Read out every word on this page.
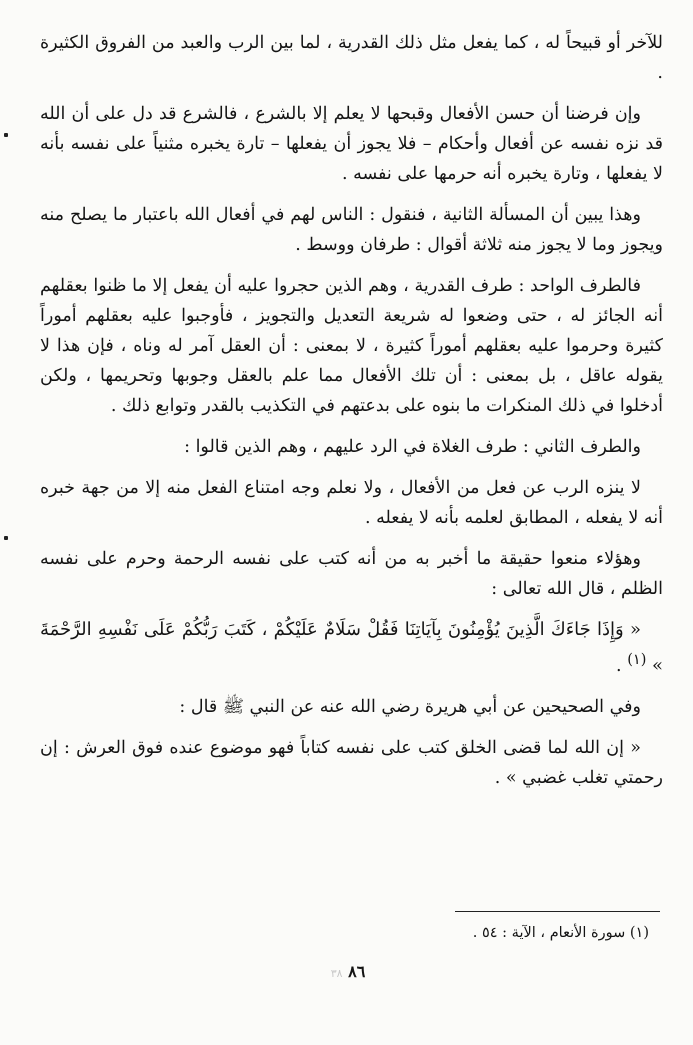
للآخر أو قبيحاً له ، كما يفعل مثل ذلك القدرية ، لما بين الرب والعبد من الفروق الكثيرة .

وإن فرضنا أن حسن الأفعال وقبحها لا يعلم إلا بالشرع ، فالشرع قد دل على أن الله قد نزه نفسه عن أفعال وأحكام – فلا يجوز أن يفعلها – تارة يخبره مثنياً على نفسه بأنه لا يفعلها ، وتارة يخبره أنه حرمها على نفسه .

وهذا يبين أن المسألة الثانية ، فنقول : الناس لهم في أفعال الله باعتبار ما يصلح منه ويجوز وما لا يجوز منه ثلاثة أقوال : طرفان ووسط .

فالطرف الواحد : طرف القدرية ، وهم الذين حجروا عليه أن يفعل إلا ما ظنوا بعقلهم أنه الجائز له ، حتى وضعوا له شريعة التعديل والتجويز ، فأوجبوا عليه بعقلهم أموراً كثيرة وحرموا عليه بعقلهم أموراً كثيرة ، لا بمعنى : أن العقل آمر له وناه ، فإن هذا لا يقوله عاقل ، بل بمعنى : أن تلك الأفعال مما علم بالعقل وجوبها وتحريمها ، ولكن أدخلوا في ذلك المنكرات ما بنوه على بدعتهم في التكذيب بالقدر وتوابع ذلك .

والطرف الثاني : طرف الغلاة في الرد عليهم ، وهم الذين قالوا :

لا ينزه الرب عن فعل من الأفعال ، ولا نعلم وجه امتناع الفعل منه إلا من جهة خبره أنه لا يفعله ، المطابق لعلمه بأنه لا يفعله .

وهؤلاء منعوا حقيقة ما أخبر به من أنه كتب على نفسه الرحمة وحرم على نفسه الظلم ، قال الله تعالى :

« وَإِذَا جَاءَكَ الَّذِينَ يُؤْمِنُونَ بِآيَاتِنَا فَقُلْ سَلَامٌ عَلَيْكُمْ ، كَتَبَ رَبُّكُمْ عَلَى نَفْسِهِ الرَّحْمَةَ » $^{(١)}$ .

وفي الصحيحين عن أبي هريرة رضي الله عنه عن النبي ﷺ قال :

« إن الله لما قضى الخلق كتب على نفسه كتاباً فهو موضوع عنده فوق العرش : إن رحمتي تغلب غضبي » .

(١) سورة الأنعام ، الآية : ٥٤ .
٨٦ ٣٨
